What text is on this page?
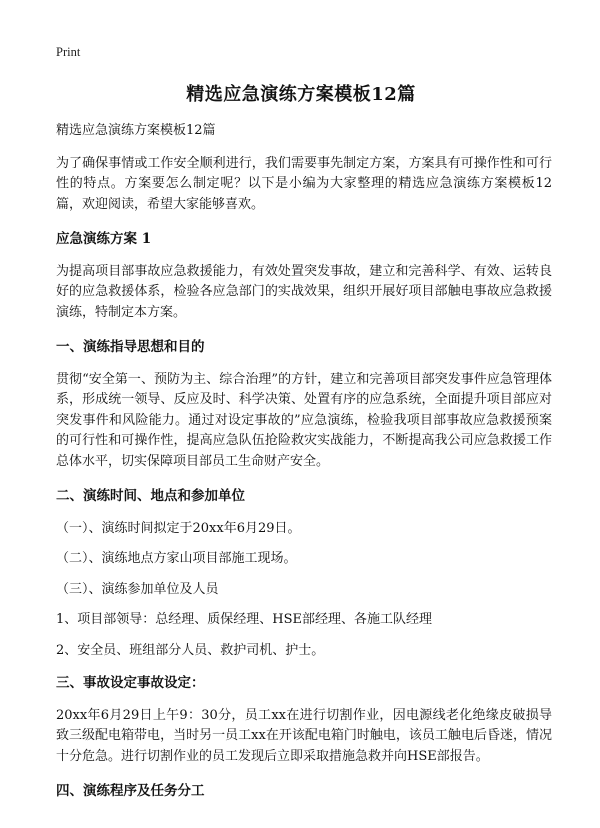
Print
精选应急演练方案模板12篇

精选应急演练方案模板12篇

为了确保事情或工作安全顺利进行，我们需要事先制定方案，方案具有可操作性和可行性的特点。方案要怎么制定呢？以下是小编为大家整理的精选应急演练方案模板12篇，欢迎阅读，希望大家能够喜欢。

应急演练方案 1

为提高项目部事故应急救援能力，有效处置突发事故，建立和完善科学、有效、运转良好的应急救援体系，检验各应急部门的实战效果，组织开展好项目部触电事故应急救援演练，特制定本方案。

一、演练指导思想和目的

贯彻“安全第一、预防为主、综合治理”的方针，建立和完善项目部突发事件应急管理体系，形成统一领导、反应及时、科学决策、处置有序的应急系统，全面提升项目部应对突发事件和风险能力。通过对设定事故的”应急演练，检验我项目部事故应急救援预案的可行性和可操作性，提高应急队伍抢险救灾实战能力，不断提高我公司应急救援工作总体水平，切实保障项目部员工生命财产安全。

二、演练时间、地点和参加单位

（一）、演练时间拟定于20xx年6月29日。

（二）、演练地点方家山项目部施工现场。

（三）、演练参加单位及人员

1、项目部领导：总经理、质保经理、HSE部经理、各施工队经理

2、安全员、班组部分人员、救护司机、护士。

三、事故设定事故设定：

20xx年6月29日上午9：30分，员工xx在进行切割作业，因电源线老化绝缘皮破损导致三级配电箱带电，当时另一员工xx在开该配电箱门时触电，该员工触电后昏迷，情况十分危急。进行切割作业的员工发现后立即采取措施急救并向HSE部报告。

四、演练程序及任务分工
